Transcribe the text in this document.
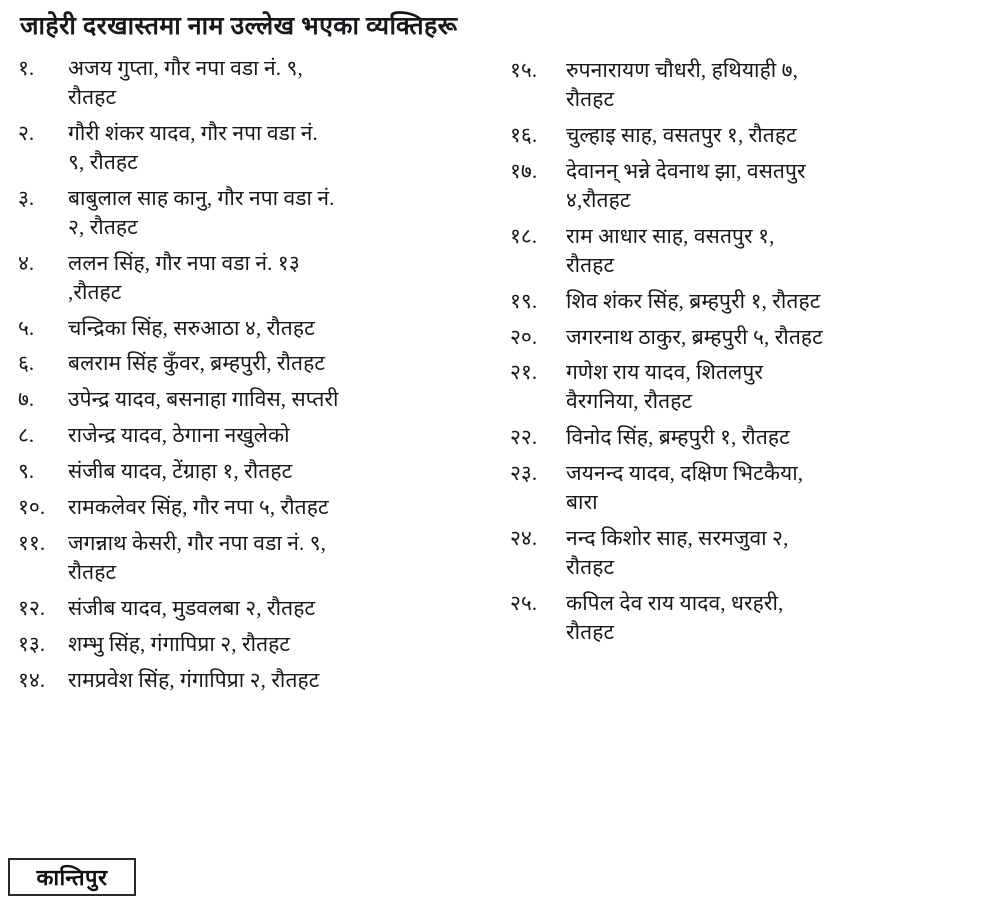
जाहेरी दरखास्तमा नाम उल्लेख भएका व्यक्तिहरू
१.	अजय गुप्ता, गौर नपा वडा नं. ९,
रौतहट
२.	गौरी शंकर यादव, गौर नपा वडा नं.
९, रौतहट
३.	बाबुलाल साह कानु, गौर नपा वडा नं.
२, रौतहट
४.	ललन सिंह, गौर नपा वडा नं. १३
,रौतहट
५.	चन्द्रिका सिंह, सरुआठा ४, रौतहट
६.	बलराम सिंह कुँवर, ब्रम्हपुरी, रौतहट
७.	उपेन्द्र यादव, बसनाहा गाविस, सप्तरी
८.	राजेन्द्र यादव, ठेगाना नखुलेको
९.	संजीब यादव, टेंग्राहा १, रौतहट
१०.	रामकलेवर सिंह, गौर नपा ५, रौतहट
११.	जगन्नाथ केसरी, गौर नपा वडा नं. ९,
रौतहट
१२.	संजीब यादव, मुडवलबा २, रौतहट
१३.	शम्भु सिंह, गंगापिप्रा २, रौतहट
१४.	रामप्रवेश सिंह, गंगापिप्रा २, रौतहट
१५.	रुपनारायण चौधरी, हथियाही ७,
रौतहट
१६.	चुल्हाइ साह, वसतपुर १, रौतहट
१७.	देवानन् भन्ने देवनाथ झा, वसतपुर
४,रौतहट
१८.	राम आधार साह, वसतपुर १,
रौतहट
१९.	शिव शंकर सिंह, ब्रम्हपुरी १, रौतहट
२०.	जगरनाथ ठाकुर, ब्रम्हपुरी ५, रौतहट
२१.	गणेश राय यादव, शितलपुर
वैरगनिया, रौतहट
२२.	विनोद सिंह, ब्रम्हपुरी १, रौतहट
२३.	जयनन्द यादव, दक्षिण भिटकैया,
बारा
२४.	नन्द किशोर साह, सरमजुवा २,
रौतहट
२५.	कपिल देव राय यादव, धरहरी,
रौतहट
कान्तिपुर
